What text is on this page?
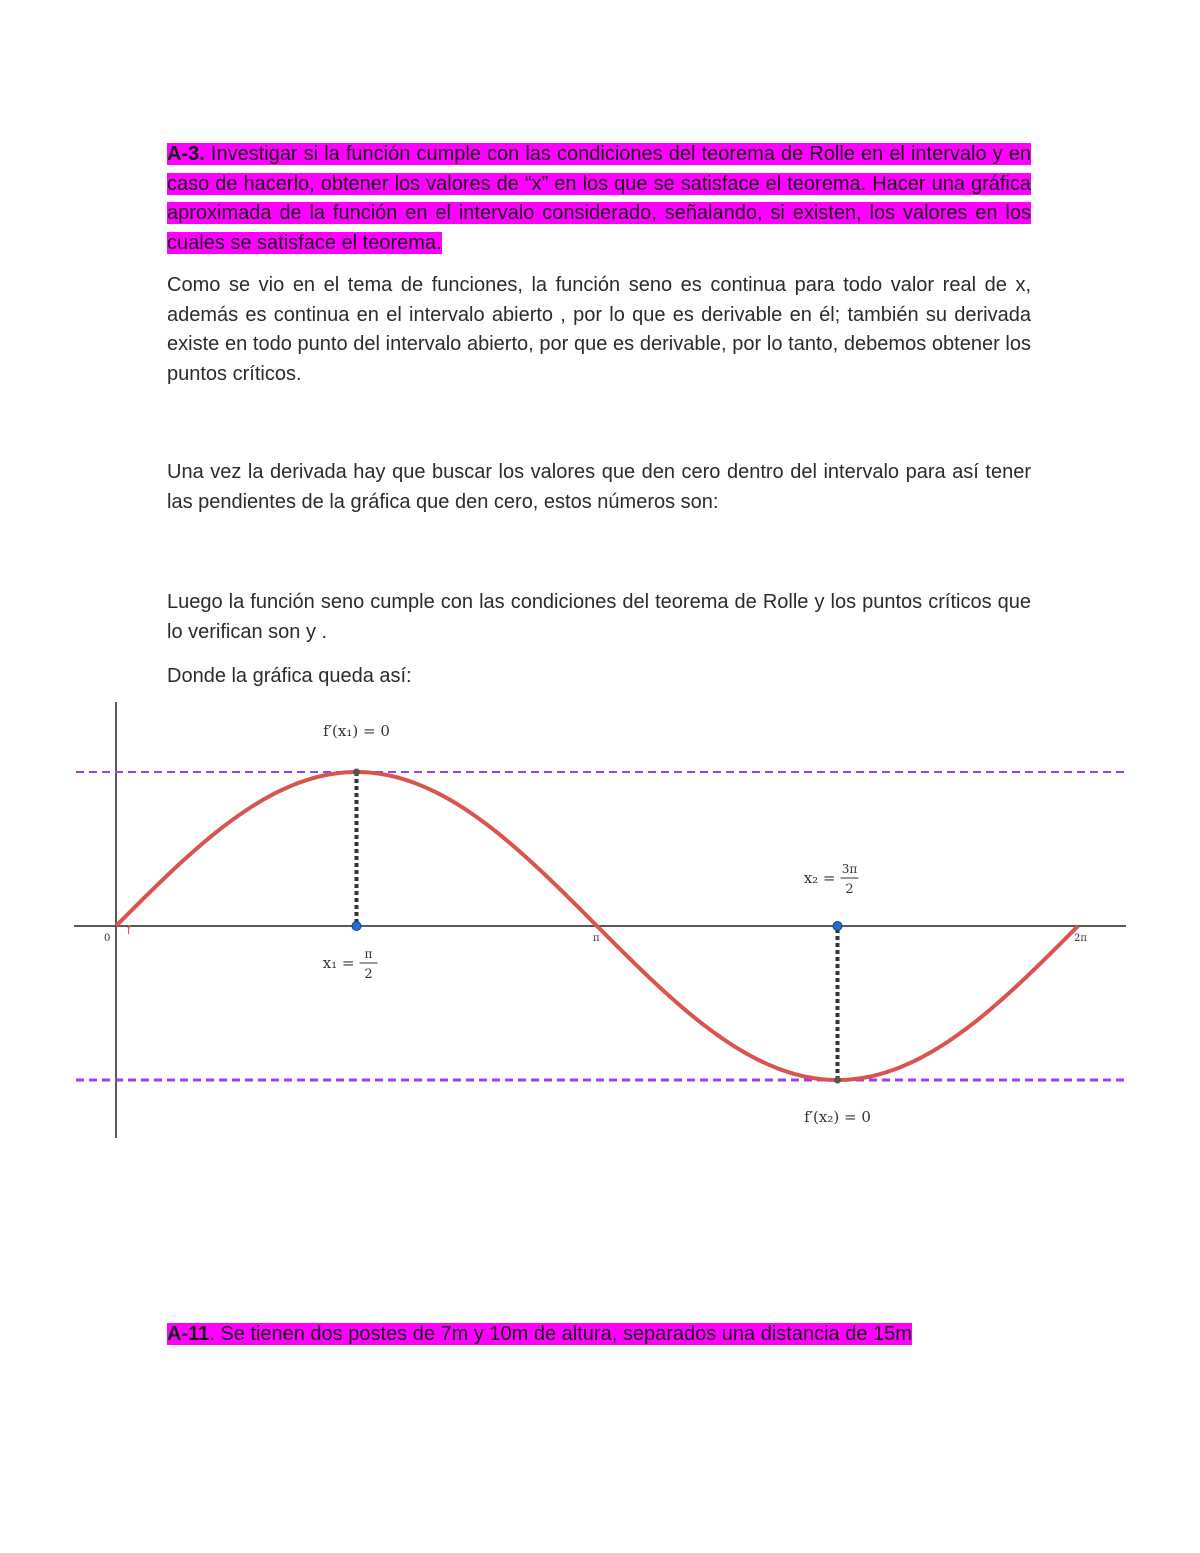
A-3. Investigar si la función cumple con las condiciones del teorema de Rolle en el intervalo y en caso de hacerlo, obtener los valores de “x” en los que se satisface el teorema. Hacer una gráfica aproximada de la función en el intervalo considerado, señalando, si existen, los valores en los cuales se satisface el teorema.

Como se vio en el tema de funciones, la función seno es continua para todo valor real de x, además es continua en el intervalo abierto , por lo que es derivable en él; también su derivada existe en todo punto del intervalo abierto, por que es derivable, por lo tanto, debemos obtener los puntos críticos.

Una vez la derivada hay que buscar los valores que den cero dentro del intervalo para así tener las pendientes de la gráfica que den cero, estos números son:

Luego la función seno cumple con las condiciones del teorema de Rolle y los puntos críticos que lo verifican son y .

Donde la gráfica queda así:

f
0	π	2π
f′(x₁) = 0
x₁ = π
2
f′(x₂) = 0
x₂ = 3π
2

A-11. Se tienen dos postes de 7m y 10m de altura, separados una distancia de 15m
